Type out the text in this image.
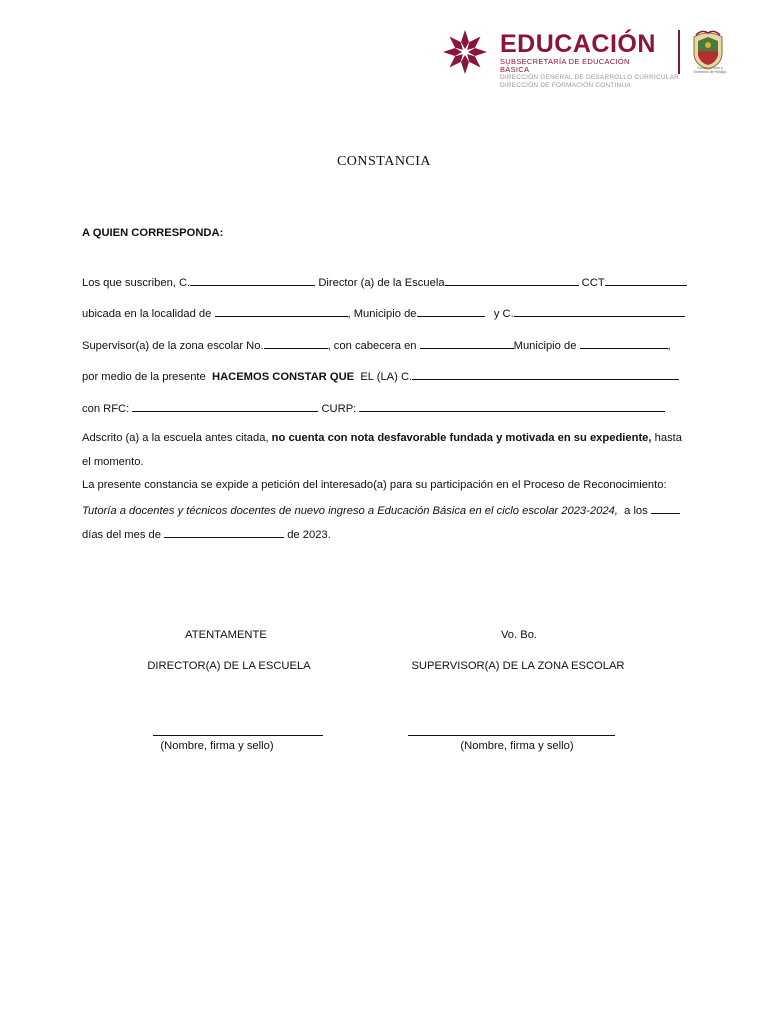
EDUCACIÓN
SUBSECRETARÍA DE EDUCACIÓN
BÁSICA
DIRECCIÓN GENERAL DE DESARROLLO CURRICULAR
DIRECCIÓN DE FORMACIÓN CONTINUA
Gobierno Libre y Soberano de Hidalgo
CONSTANCIA
A QUIEN CORRESPONDA:
Los que suscriben, C.	Director (a) de la Escuela	CCT
ubicada en la localidad de	, Municipio de	y C.
Supervisor(a) de la zona escolar No.	, con cabecera en	Municipio de	,
por medio de la presente HACEMOS CONSTAR QUE EL (LA) C.
con RFC:	CURP:
Adscrito (a) a la escuela antes citada, no cuenta con nota desfavorable fundada y motivada en su expediente, hasta
el momento.
La presente constancia se expide a petición del interesado(a) para su participación en el Proceso de Reconocimiento:
Tutoría a docentes y técnicos docentes de nuevo ingreso a Educación Básica en el ciclo escolar 2023-2024, a los
días del mes de	de 2023.
ATENTAMENTE
DIRECTOR(A) DE LA ESCUELA
(Nombre, firma y sello)
Vo. Bo.
SUPERVISOR(A) DE LA ZONA ESCOLAR
(Nombre, firma y sello)
